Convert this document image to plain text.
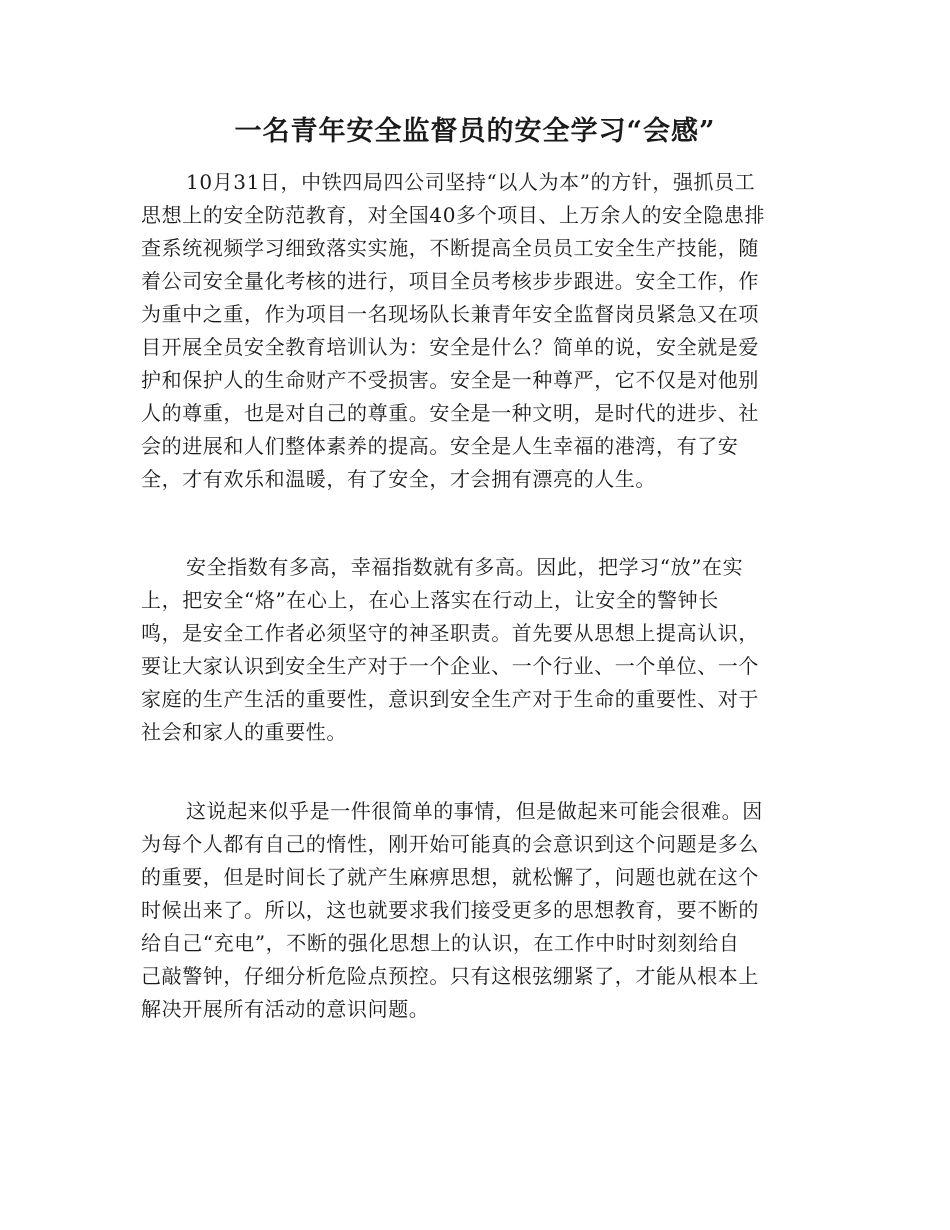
一名青年安全监督员的安全学习“会感”
10月31日，中铁四局四公司坚持“以人为本”的方针，强抓员工
思想上的安全防范教育，对全国40多个项目、上万余人的安全隐患排
查系统视频学习细致落实实施，不断提高全员员工安全生产技能，随
着公司安全量化考核的进行，项目全员考核步步跟进。安全工作，作
为重中之重，作为项目一名现场队长兼青年安全监督岗员紧急又在项
目开展全员安全教育培训认为：安全是什么？简单的说，安全就是爱
护和保护人的生命财产不受损害。安全是一种尊严，它不仅是对他别
人的尊重，也是对自己的尊重。安全是一种文明，是时代的进步、社
会的进展和人们整体素养的提高。安全是人生幸福的港湾，有了安
全，才有欢乐和温暖，有了安全，才会拥有漂亮的人生。
安全指数有多高，幸福指数就有多高。因此，把学习“放”在实
上，把安全“烙”在心上，在心上落实在行动上，让安全的警钟长
鸣，是安全工作者必须坚守的神圣职责。首先要从思想上提高认识，
要让大家认识到安全生产对于一个企业、一个行业、一个单位、一个
家庭的生产生活的重要性，意识到安全生产对于生命的重要性、对于
社会和家人的重要性。
这说起来似乎是一件很简单的事情，但是做起来可能会很难。因
为每个人都有自己的惰性，刚开始可能真的会意识到这个问题是多么
的重要，但是时间长了就产生麻痹思想，就松懈了，问题也就在这个
时候出来了。所以，这也就要求我们接受更多的思想教育，要不断的
给自己“充电”，不断的强化思想上的认识，在工作中时时刻刻给自
己敲警钟，仔细分析危险点预控。只有这根弦绷紧了，才能从根本上
解决开展所有活动的意识问题。
